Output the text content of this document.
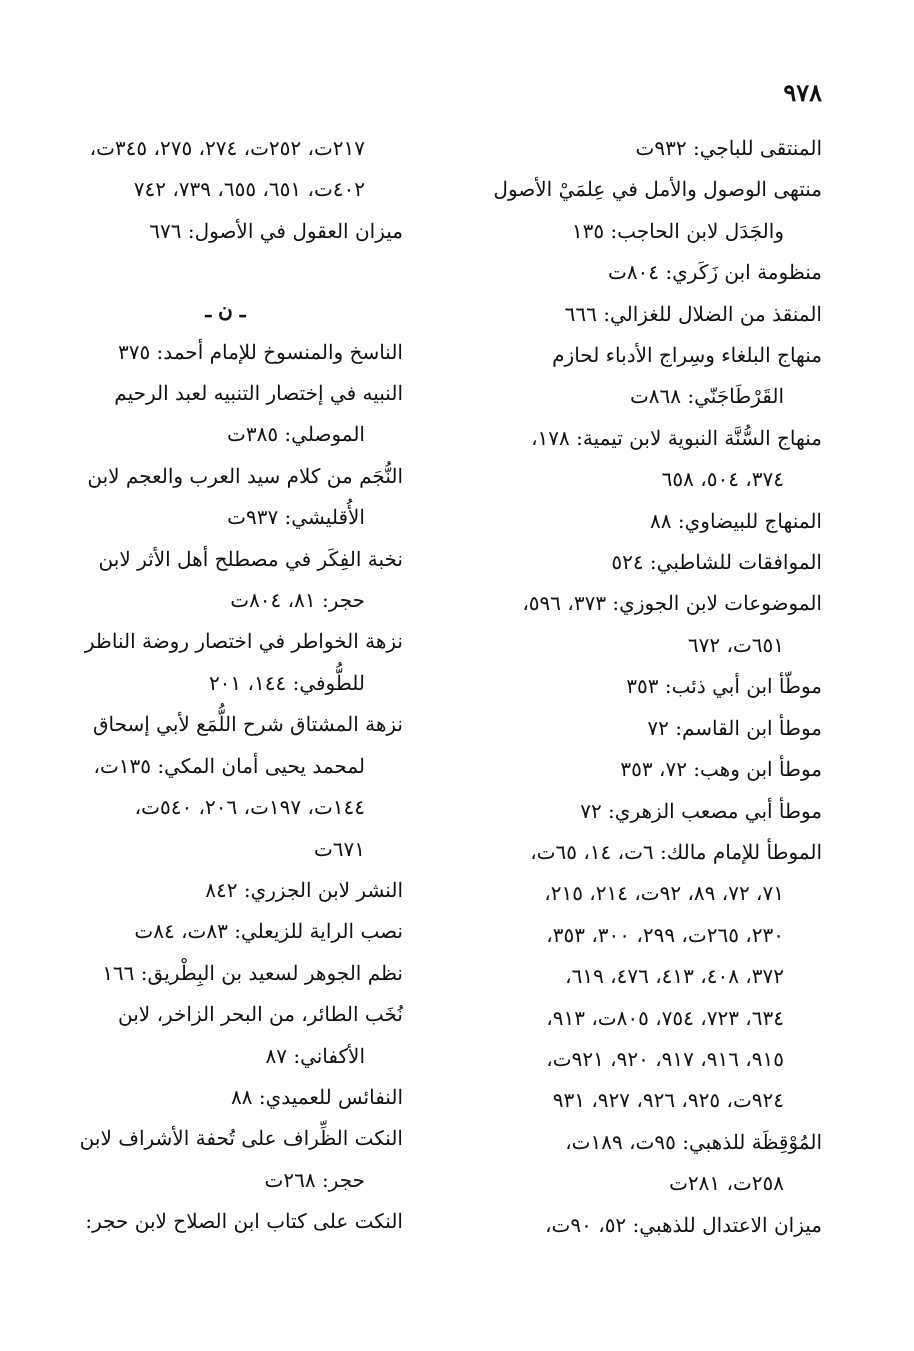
٩٧٨
المنتقى للباجي: ٩٣٢ت
منتهى الوصول والأمل في عِلمَيْ الأصول
والجَدَل لابن الحاجب: ١٣٥
منظومة ابن زَكَري: ٨٠٤ت
المنقذ من الضلال للغزالي: ٦٦٦
منهاج البلغاء وسِراج الأدباء لحازم
القَرْطَاجَنّي: ٨٦٨ت
منهاج السُّنَّة النبوية لابن تيمية: ١٧٨،
٣٧٤، ٥٠٤، ٦٥٨
المنهاج للبيضاوي: ٨٨
الموافقات للشاطبي: ٥٢٤
الموضوعات لابن الجوزي: ٣٧٣، ٥٩٦،
٦٥١ت، ٦٧٢
موطّأ ابن أبي ذئب: ٣٥٣
موطأ ابن القاسم: ٧٢
موطأ ابن وهب: ٧٢، ٣٥٣
موطأ أبي مصعب الزهري: ٧٢
الموطأ للإمام مالك: ٦ت، ١٤، ٦٥ت،
٧١، ٧٢، ٨٩، ٩٢ت، ٢١٤، ٢١٥،
٢٣٠، ٢٦٥ت، ٢٩٩، ٣٠٠، ٣٥٣،
٣٧٢، ٤٠٨، ٤١٣، ٤٧٦، ٦١٩،
٦٣٤، ٧٢٣، ٧٥٤، ٨٠٥ت، ٩١٣،
٩١٥، ٩١٦، ٩١٧، ٩٢٠، ٩٢١ت،
٩٢٤ت، ٩٢٥، ٩٢٦، ٩٢٧، ٩٣١
المُوْقِظَة للذهبي: ٩٥ت، ١٨٩ت،
٢٥٨ت، ٢٨١ت
ميزان الاعتدال للذهبي: ٥٢، ٩٠ت،
٢١٧ت، ٢٥٢ت، ٢٧٤، ٢٧٥، ٣٤٥ت،
٤٠٢ت، ٦٥١، ٦٥٥، ٧٣٩، ٧٤٢
ميزان العقول في الأصول: ٦٧٦
ـ ن ـ
الناسخ والمنسوخ للإمام أحمد: ٣٧٥
النبيه في إختصار التنبيه لعبد الرحيم
الموصلي: ٣٨٥ت
النُّجَم من كلام سيد العرب والعجم لابن
الأُقليشي: ٩٣٧ت
نخبة الفِكَر في مصطلح أهل الأثر لابن
حجر: ٨١، ٨٠٤ت
نزهة الخواطر في اختصار روضة الناظر
للطُّوفي: ١٤٤، ٢٠١
نزهة المشتاق شرح اللُّمَع لأبي إسحاق
لمحمد يحيى أمان المكي: ١٣٥ت،
١٤٤ت، ١٩٧ت، ٢٠٦، ٥٤٠ت،
٦٧١ت
النشر لابن الجزري: ٨٤٢
نصب الراية للزيعلي: ٨٣ت، ٨٤ت
نظم الجوهر لسعيد بن البِطْريق: ١٦٦
نُخَب الطائر، من البحر الزاخر، لابن
الأكفاني: ٨٧
النفائس للعميدي: ٨٨
النكت الظِّراف على تُحفة الأشراف لابن
حجر: ٢٦٨ت
النكت على كتاب ابن الصلاح لابن حجر:
